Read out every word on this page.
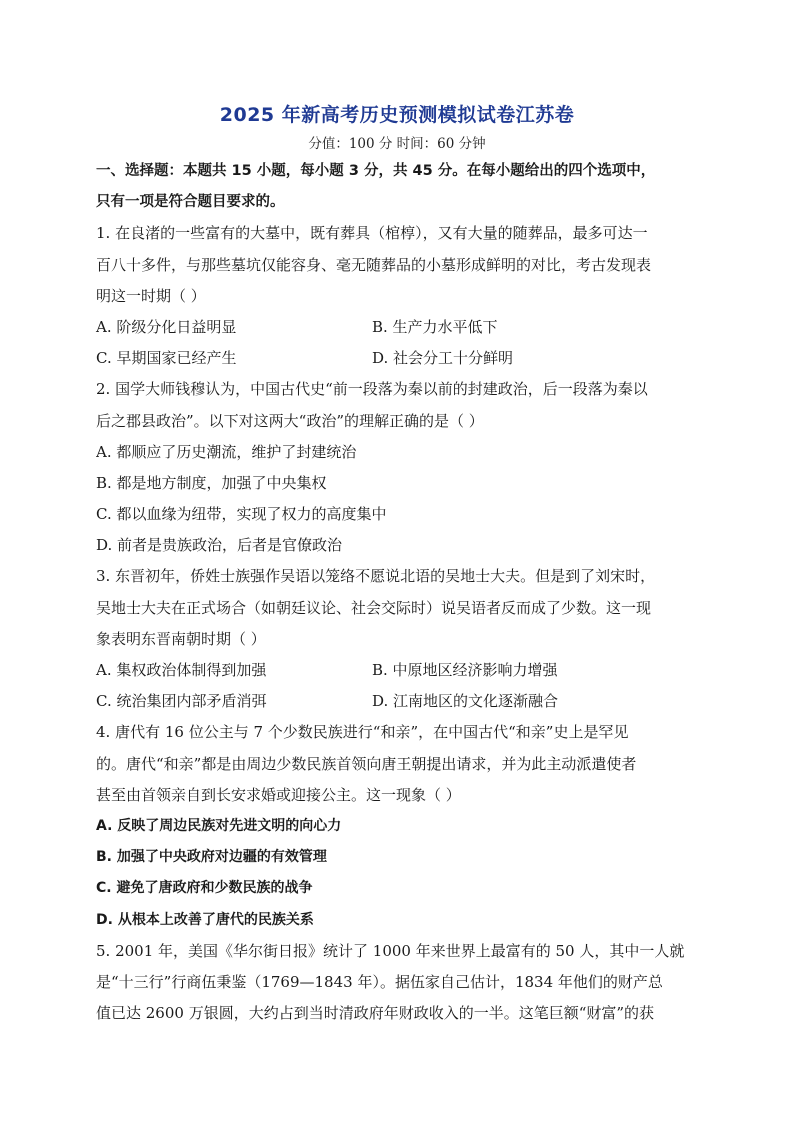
2025 年新高考历史预测模拟试卷江苏卷
分值：100 分 时间：60 分钟
一、选择题：本题共 15 小题，每小题 3 分，共 45 分。在每小题给出的四个选项中，
只有一项是符合题目要求的。
1. 在良渚的一些富有的大墓中，既有葬具（棺椁），又有大量的随葬品，最多可达一
百八十多件，与那些墓坑仅能容身、毫无随葬品的小墓形成鲜明的对比，考古发现表
明这一时期（ ）
A. 阶级分化日益明显	B. 生产力水平低下
C. 早期国家已经产生	D. 社会分工十分鲜明
2. 国学大师钱穆认为，中国古代史“前一段落为秦以前的封建政治，后一段落为秦以
后之郡县政治”。以下对这两大“政治”的理解正确的是（ ）
A. 都顺应了历史潮流，维护了封建统治
B. 都是地方制度，加强了中央集权
C. 都以血缘为纽带，实现了权力的高度集中
D. 前者是贵族政治，后者是官僚政治
3. 东晋初年，侨姓士族强作吴语以笼络不愿说北语的吴地士大夫。但是到了刘宋时，
吴地士大夫在正式场合（如朝廷议论、社会交际时）说吴语者反而成了少数。这一现
象表明东晋南朝时期（ ）
A. 集权政治体制得到加强	B. 中原地区经济影响力增强
C. 统治集团内部矛盾消弭	D. 江南地区的文化逐渐融合
4. 唐代有 16 位公主与 7 个少数民族进行“和亲”，在中国古代“和亲”史上是罕见
的。唐代“和亲”都是由周边少数民族首领向唐王朝提出请求，并为此主动派遣使者
甚至由首领亲自到长安求婚或迎接公主。这一现象（ ）
A. 反映了周边民族对先进文明的向心力
B. 加强了中央政府对边疆的有效管理
C. 避免了唐政府和少数民族的战争
D. 从根本上改善了唐代的民族关系
5. 2001 年，美国《华尔街日报》统计了 1000 年来世界上最富有的 50 人，其中一人就
是“十三行”行商伍秉鉴（1769—1843 年）。据伍家自己估计，1834 年他们的财产总
值已达 2600 万银圆，大约占到当时清政府年财政收入的一半。这笔巨额“财富”的获
